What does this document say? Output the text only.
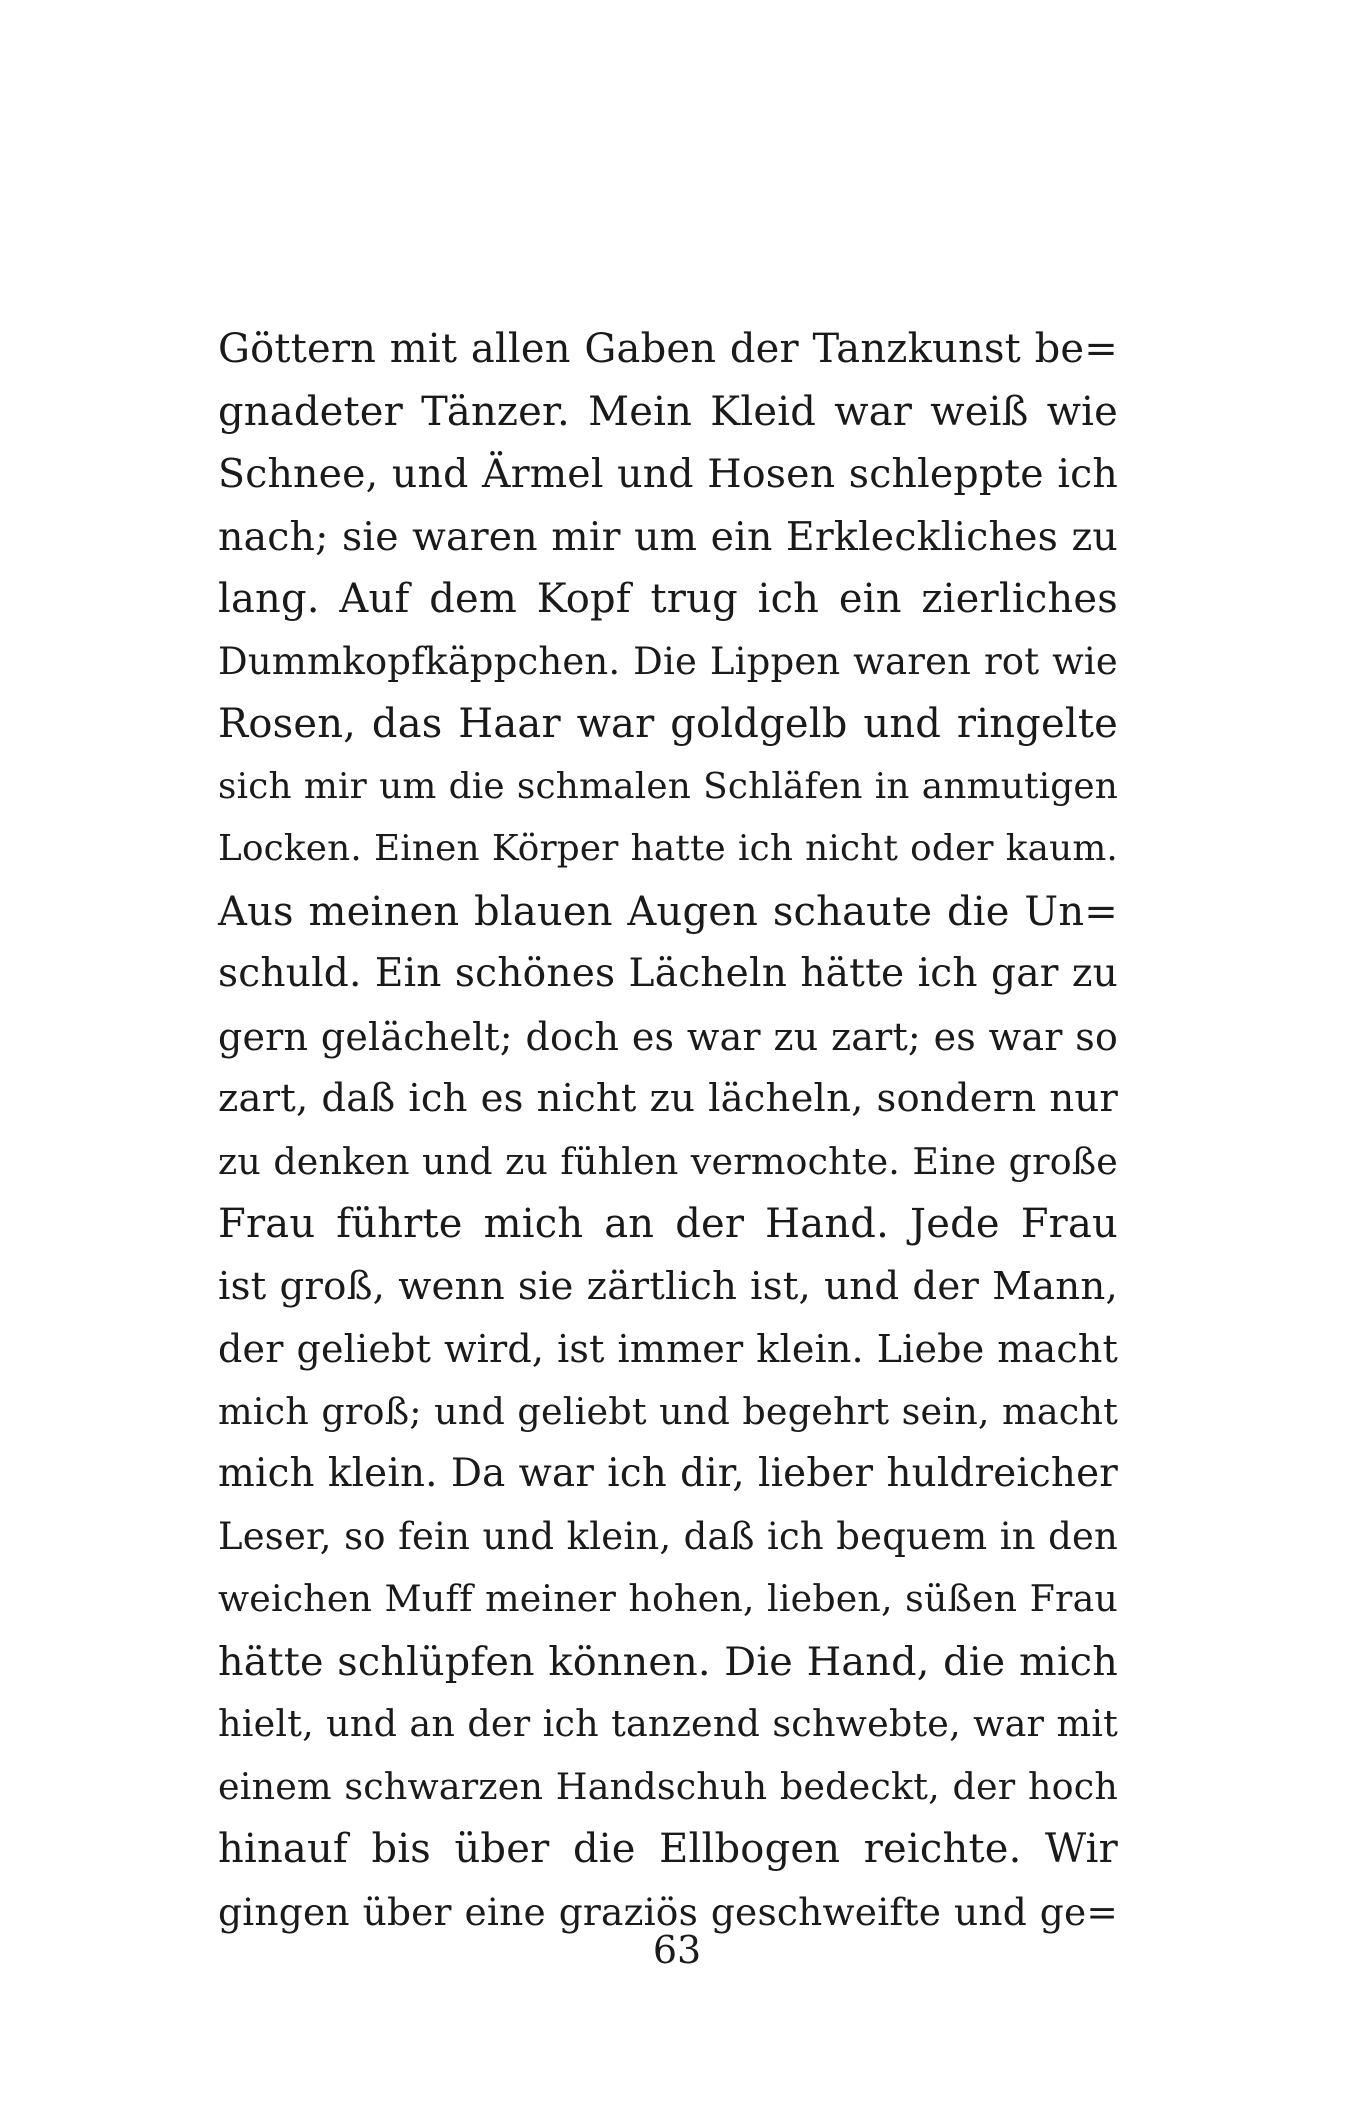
Göttern mit allen Gaben der Tanzkunst be=
gnadeter Tänzer. Mein Kleid war weiß wie
Schnee, und Ärmel und Hosen schleppte ich
nach; sie waren mir um ein Erkleckliches zu
lang. Auf dem Kopf trug ich ein zierliches
Dummkopfkäppchen. Die Lippen waren rot wie
Rosen, das Haar war goldgelb und ringelte
sich mir um die schmalen Schläfen in anmutigen
Locken. Einen Körper hatte ich nicht oder kaum.
Aus meinen blauen Augen schaute die Un=
schuld. Ein schönes Lächeln hätte ich gar zu
gern gelächelt; doch es war zu zart; es war so
zart, daß ich es nicht zu lächeln, sondern nur
zu denken und zu fühlen vermochte. Eine große
Frau führte mich an der Hand. Jede Frau
ist groß, wenn sie zärtlich ist, und der Mann,
der geliebt wird, ist immer klein. Liebe macht
mich groß; und geliebt und begehrt sein, macht
mich klein. Da war ich dir, lieber huldreicher
Leser, so fein und klein, daß ich bequem in den
weichen Muff meiner hohen, lieben, süßen Frau
hätte schlüpfen können. Die Hand, die mich
hielt, und an der ich tanzend schwebte, war mit
einem schwarzen Handschuh bedeckt, der hoch
hinauf bis über die Ellbogen reichte. Wir
gingen über eine graziös geschweifte und ge=
63
